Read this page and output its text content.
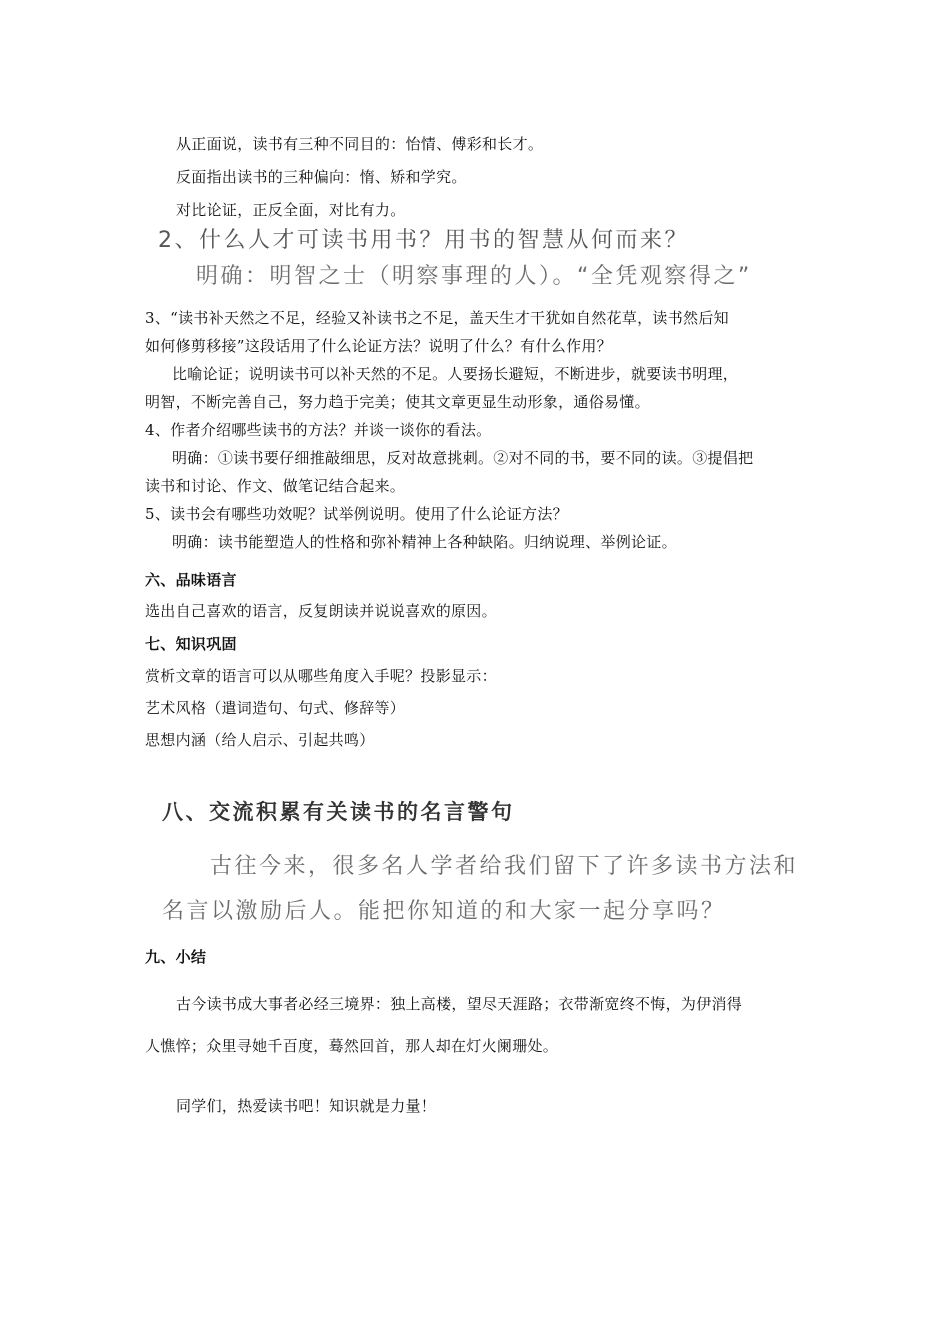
从正面说，读书有三种不同目的：怡情、傅彩和长才。
反面指出读书的三种偏向：惰、矫和学究。
对比论证，正反全面，对比有力。
2、什么人才可读书用书？用书的智慧从何而来？
明确：明智之士（明察事理的人）。“全凭观察得之”
3、“读书补天然之不足，经验又补读书之不足，盖天生才干犹如自然花草，读书然后知
如何修剪移接”这段话用了什么论证方法？说明了什么？有什么作用？
比喻论证；说明读书可以补天然的不足。人要扬长避短，不断进步，就要读书明理，
明智，不断完善自己，努力趋于完美；使其文章更显生动形象，通俗易懂。
4、作者介绍哪些读书的方法？并谈一谈你的看法。
明确：①读书要仔细推敲细思，反对故意挑刺。②对不同的书，要不同的读。③提倡把
读书和讨论、作文、做笔记结合起来。
5、读书会有哪些功效呢？试举例说明。使用了什么论证方法？
明确：读书能塑造人的性格和弥补精神上各种缺陷。归纳说理、举例论证。
六、品味语言
选出自己喜欢的语言，反复朗读并说说喜欢的原因。
七、知识巩固
赏析文章的语言可以从哪些角度入手呢？投影显示：
艺术风格（遣词造句、句式、修辞等）
思想内涵（给人启示、引起共鸣）
八、交流积累有关读书的名言警句
古往今来，很多名人学者给我们留下了许多读书方法和
名言以激励后人。能把你知道的和大家一起分享吗？
九、小结
古今读书成大事者必经三境界：独上高楼，望尽天涯路；衣带渐宽终不悔，为伊消得
人憔悴；众里寻她千百度，蓦然回首，那人却在灯火阑珊处。
同学们，热爱读书吧！知识就是力量！
